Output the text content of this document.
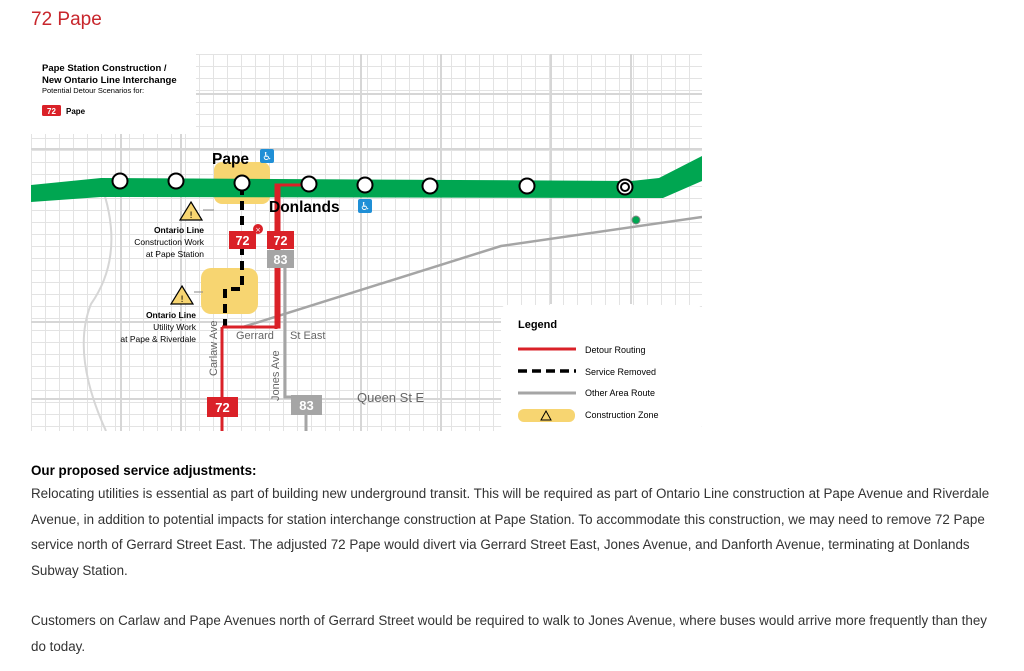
72 Pape
Pape Station Construction /
New Ontario Line Interchange
Potential Detour Scenarios for:
72 Pape
Pape ♿
Donlands ♿
!
Ontario Line
Construction Work
at Pape Station
!
Ontario Line
Utility Work
at Pape & Riverdale
72
×
72
83
Gerrard St East
Carlaw Ave	Jones Ave	Queen St E
72	83
Legend
Detour Routing
Service Removed
Other Area Route
Construction Zone
Our proposed service adjustments:

Relocating utilities is essential as part of building new underground transit. This will be required as part of Ontario Line construction at Pape Avenue and Riverdale Avenue, in addition to potential impacts for station interchange construction at Pape Station. To accommodate this construction, we may need to remove 72 Pape service north of Gerrard Street East. The adjusted 72 Pape would divert via Gerrard Street East, Jones Avenue, and Danforth Avenue, terminating at Donlands Subway Station.

Customers on Carlaw and Pape Avenues north of Gerrard Street would be required to walk to Jones Avenue, where buses would arrive more frequently than they do today.
